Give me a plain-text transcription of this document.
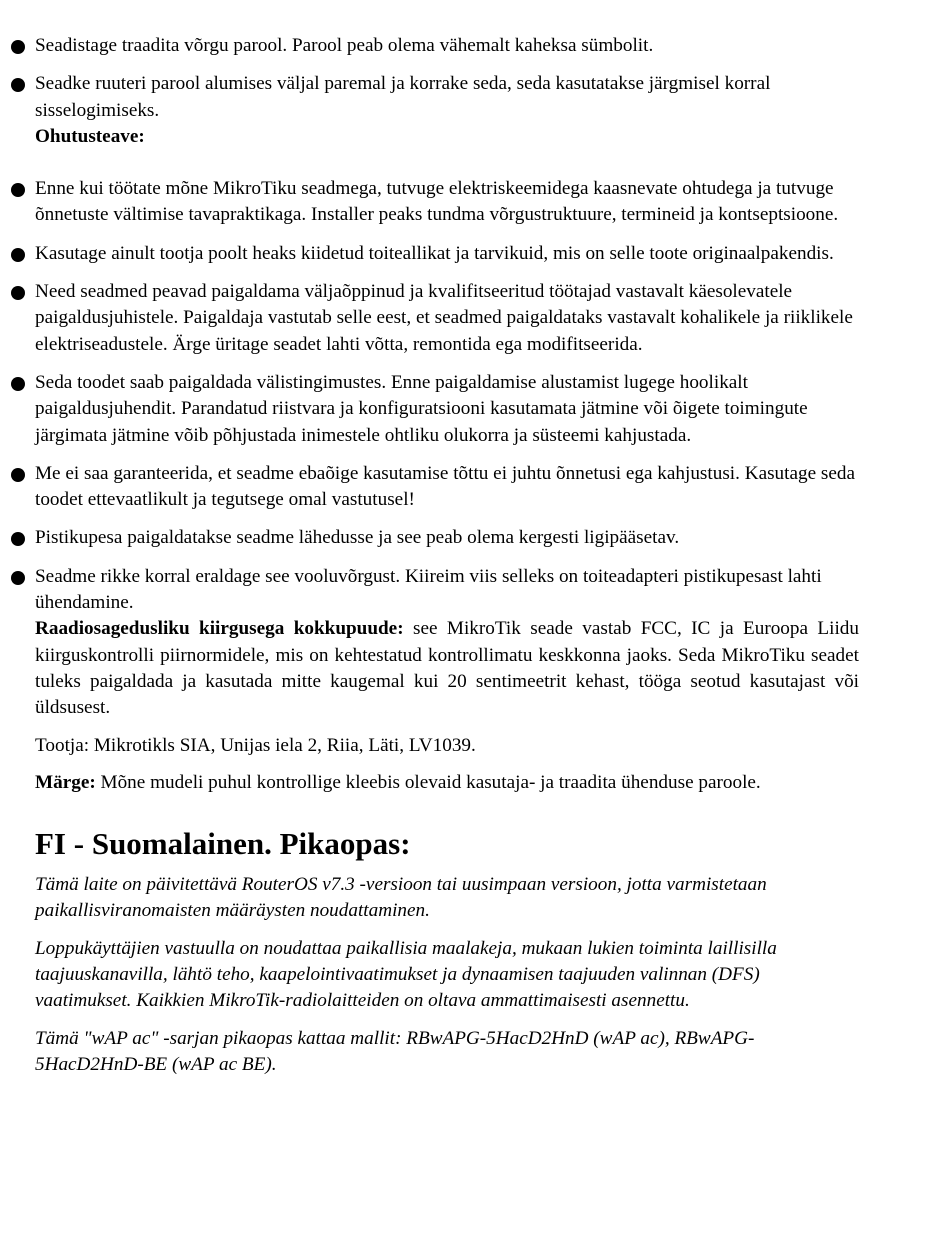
Seadistage traadita võrgu parool. Parool peab olema vähemalt kaheksa sümbolit.
Seadke ruuteri parool alumises väljal paremal ja korrake seda, seda kasutatakse järgmisel korral sisselogimiseks.
Ohutusteave:
Enne kui töötate mõne MikroTiku seadmega, tutvuge elektriskeemidega kaasnevate ohtudega ja tutvuge õnnetuste vältimise tavapraktikaga. Installer peaks tundma võrgustruktuure, termineid ja kontseptsioone.
Kasutage ainult tootja poolt heaks kiidetud toiteallikat ja tarvikuid, mis on selle toote originaalpakendis.
Need seadmed peavad paigaldama väljaõppinud ja kvalifitseeritud töötajad vastavalt käesolevatele paigaldusjuhistele. Paigaldaja vastutab selle eest, et seadmed paigaldataks vastavalt kohalikele ja riiklikele elektriseadustele. Ärge üritage seadet lahti võtta, remontida ega modifitseerida.
Seda toodet saab paigaldada välistingimustes. Enne paigaldamise alustamist lugege hoolikalt paigaldusjuhendit. Parandatud riistvara ja konfiguratsiooni kasutamata jätmine või õigete toimingute järgimata jätmine võib põhjustada inimestele ohtliku olukorra ja süsteemi kahjustada.
Me ei saa garanteerida, et seadme ebaõige kasutamise tõttu ei juhtu õnnetusi ega kahjustusi. Kasutage seda toodet ettevaatlikult ja tegutsege omal vastutusel!
Pistikupesa paigaldatakse seadme lähedusse ja see peab olema kergesti ligipääsetav.
Seadme rikke korral eraldage see vooluvõrgust. Kiireim viis selleks on toiteadapteri pistikupesast lahti ühendamine.

Raadiosagedusliku kiirgusega kokkupuude: see MikroTik seade vastab FCC, IC ja Euroopa Liidu kiirguskontrolli piirnormidele, mis on kehtestatud kontrollimatu keskkonna jaoks. Seda MikroTiku seadet tuleks paigaldada ja kasutada mitte kaugemal kui 20 sentimeetrit kehast, tööga seotud kasutajast või üldsusest.

Tootja: Mikrotikls SIA, Unijas iela 2, Riia, Läti, LV1039.

Märge: Mõne mudeli puhul kontrollige kleebis olevaid kasutaja- ja traadita ühenduse paroole.

FI - Suomalainen. Pikaopas:

Tämä laite on päivitettävä RouterOS v7.3 -versioon tai uusimpaan versioon, jotta varmistetaan paikallisviranomaisten määräysten noudattaminen.

Loppukäyttäjien vastuulla on noudattaa paikallisia maalakeja, mukaan lukien toiminta laillisilla taajuuskanavilla, lähtö teho, kaapelointivaatimukset ja dynaamisen taajuuden valinnan (DFS) vaatimukset. Kaikkien MikroTik-radiolaitteiden on oltava ammattimaisesti asennettu.

Tämä "wAP ac" -sarjan pikaopas kattaa mallit: RBwAPG-5HacD2HnD (wAP ac), RBwAPG-5HacD2HnD-BE (wAP ac BE).
